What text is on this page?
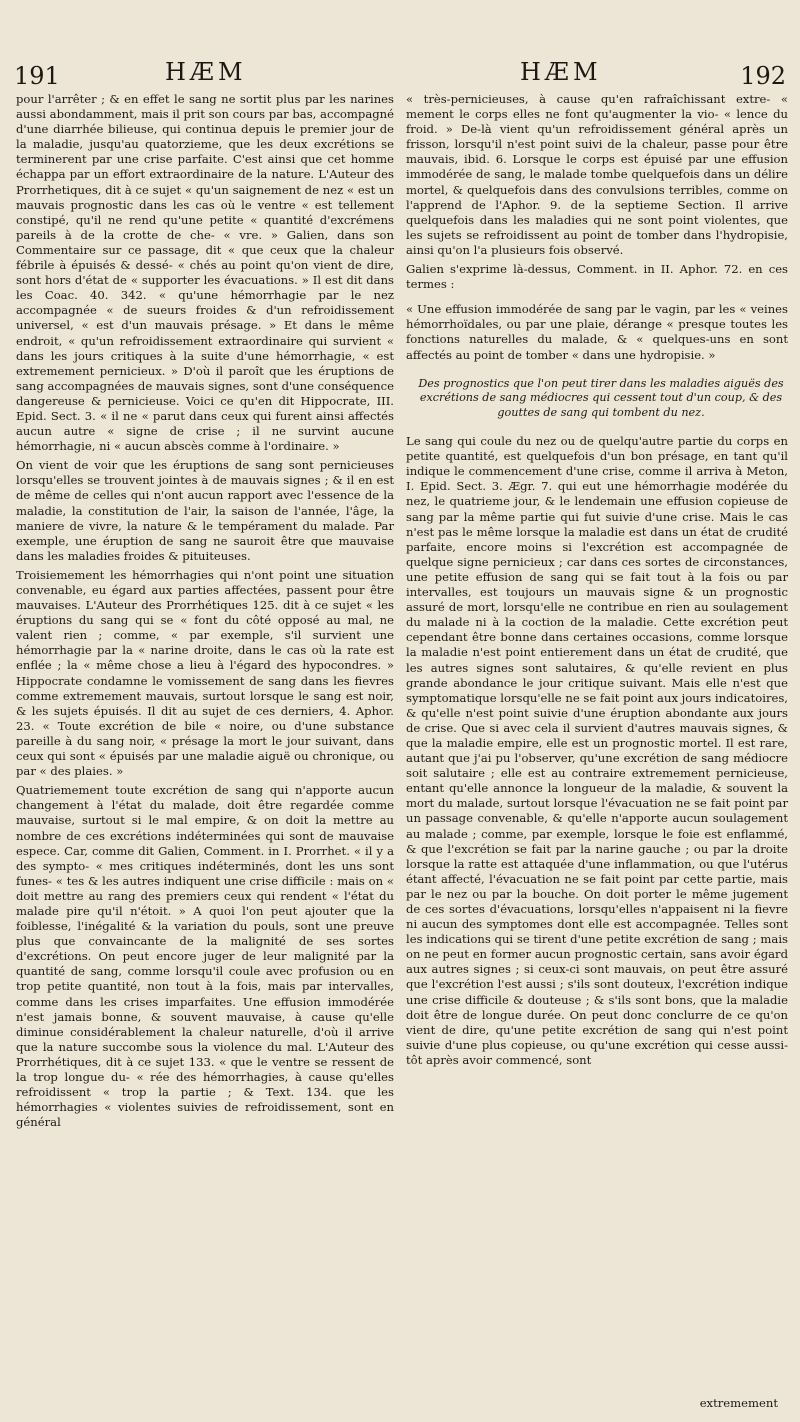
191	HÆM	HÆM	192

pour l'arrêter ; & en effet le sang ne sortit plus par les narines aussi abondamment, mais il prit son cours par bas, accompagné d'une diarrhée bilieuse, qui continua depuis le premier jour de la maladie, jusqu'au quatorzieme, que les deux excrétions se terminerent par une crise parfaite. C'est ainsi que cet homme échappa par un effort extraordinaire de la nature. L'Auteur des Prorrhetiques, dit à ce sujet « qu'un saignement de nez « est un mauvais prognostic dans les cas où le ventre « est tellement constipé, qu'il ne rend qu'une petite « quantité d'excrémens pareils à de la crotte de che- « vre. » Galien, dans son Commentaire sur ce passage, dit « que ceux que la chaleur fébrile à épuisés & dessé- « chés au point qu'on vient de dire, sont hors d'état de « supporter les évacuations. » Il est dit dans les Coac. 40. 342. « qu'une hémorrhagie par le nez accompagnée « de sueurs froides & d'un refroidissement universel, « est d'un mauvais présage. » Et dans le même endroit, « qu'un refroidissement extraordinaire qui survient « dans les jours critiques à la suite d'une hémorrhagie, « est extremement pernicieux. » D'où il paroît que les éruptions de sang accompagnées de mauvais signes, sont d'une conséquence dangereuse & pernicieuse. Voici ce qu'en dit Hippocrate, III. Epid. Sect. 3. « il ne « parut dans ceux qui furent ainsi affectés aucun autre « signe de crise ; il ne survint aucune hémorrhagie, ni « aucun abscès comme à l'ordinaire. »

On vient de voir que les éruptions de sang sont pernicieuses lorsqu'elles se trouvent jointes à de mauvais signes ; & il en est de même de celles qui n'ont aucun rapport avec l'essence de la maladie, la constitution de l'air, la saison de l'année, l'âge, la maniere de vivre, la nature & le tempérament du malade. Par exemple, une éruption de sang ne sauroit être que mauvaise dans les maladies froides & pituiteuses.

Troisiemement les hémorrhagies qui n'ont point une situation convenable, eu égard aux parties affectées, passent pour être mauvaises. L'Auteur des Prorrhétiques 125. dit à ce sujet « les éruptions du sang qui se « font du côté opposé au mal, ne valent rien ; comme, « par exemple, s'il survient une hémorrhagie par la « narine droite, dans le cas où la rate est enflée ; la « même chose a lieu à l'égard des hypocondres. » Hippocrate condamne le vomissement de sang dans les fievres comme extremement mauvais, surtout lorsque le sang est noir, & les sujets épuisés. Il dit au sujet de ces derniers, 4. Aphor. 23. « Toute excrétion de bile « noire, ou d'une substance pareille à du sang noir, « présage la mort le jour suivant, dans ceux qui sont « épuisés par une maladie aiguë ou chronique, ou par « des plaies. »

Quatriemement toute excrétion de sang qui n'apporte aucun changement à l'état du malade, doit être regardée comme mauvaise, surtout si le mal empire, & on doit la mettre au nombre de ces excrétions indéterminées qui sont de mauvaise espece. Car, comme dit Galien, Comment. in I. Prorrhet. « il y a des sympto- « mes critiques indéterminés, dont les uns sont funes- « tes & les autres indiquent une crise difficile : mais on « doit mettre au rang des premiers ceux qui rendent « l'état du malade pire qu'il n'étoit. » A quoi l'on peut ajouter que la foiblesse, l'inégalité & la variation du pouls, sont une preuve plus que convaincante de la malignité de ses sortes d'excrétions. On peut encore juger de leur malignité par la quantité de sang, comme lorsqu'il coule avec profusion ou en trop petite quantité, non tout à la fois, mais par intervalles, comme dans les crises imparfaites. Une effusion immodérée n'est jamais bonne, & souvent mauvaise, à cause qu'elle diminue considérablement la chaleur naturelle, d'où il arrive que la nature succombe sous la violence du mal. L'Auteur des Prorrhétiques, dit à ce sujet 133. « que le ventre se ressent de la trop longue du- « rée des hémorrhagies, à cause qu'elles refroidissent « trop la partie ; & Text. 134. que les hémorrhagies « violentes suivies de refroidissement, sont en général

« très-pernicieuses, à cause qu'en rafraîchissant extre- « mement le corps elles ne font qu'augmenter la vio- « lence du froid. » De-là vient qu'un refroidissement général après un frisson, lorsqu'il n'est point suivi de la chaleur, passe pour être mauvais, ibid. 6. Lorsque le corps est épuisé par une effusion immodérée de sang, le malade tombe quelquefois dans un délire mortel, & quelquefois dans des convulsions terribles, comme on l'apprend de l'Aphor. 9. de la septieme Section. Il arrive quelquefois dans les maladies qui ne sont point violentes, que les sujets se refroidissent au point de tomber dans l'hydropisie, ainsi qu'on l'a plusieurs fois observé.

Galien s'exprime là-dessus, Comment. in II. Aphor. 72. en ces termes :

« Une effusion immodérée de sang par le vagin, par les « veines hémorrhoïdales, ou par une plaie, dérange « presque toutes les fonctions naturelles du malade, & « quelques-uns en sont affectés au point de tomber « dans une hydropisie. »

Des prognostics que l'on peut tirer dans les maladies aiguës des excrétions de sang médiocres qui cessent tout d'un coup, & des gouttes de sang qui tombent du nez.

Le sang qui coule du nez ou de quelqu'autre partie du corps en petite quantité, est quelquefois d'un bon présage, en tant qu'il indique le commencement d'une crise, comme il arriva à Meton, I. Epid. Sect. 3. Ægr. 7. qui eut une hémorrhagie modérée du nez, le quatrieme jour, & le lendemain une effusion copieuse de sang par la même partie qui fut suivie d'une crise. Mais le cas n'est pas le même lorsque la maladie est dans un état de crudité parfaite, encore moins si l'excrétion est accompagnée de quelque signe pernicieux ; car dans ces sortes de circonstances, une petite effusion de sang qui se fait tout à la fois ou par intervalles, est toujours un mauvais signe & un prognostic assuré de mort, lorsqu'elle ne contribue en rien au soulagement du malade ni à la coction de la maladie. Cette excrétion peut cependant être bonne dans certaines occasions, comme lorsque la maladie n'est point entierement dans un état de crudité, que les autres signes sont salutaires, & qu'elle revient en plus grande abondance le jour critique suivant. Mais elle n'est que symptomatique lorsqu'elle ne se fait point aux jours indicatoires, & qu'elle n'est point suivie d'une éruption abondante aux jours de crise. Que si avec cela il survient d'autres mauvais signes, & que la maladie empire, elle est un prognostic mortel. Il est rare, autant que j'ai pu l'observer, qu'une excrétion de sang médiocre soit salutaire ; elle est au contraire extremement pernicieuse, entant qu'elle annonce la longueur de la maladie, & souvent la mort du malade, surtout lorsque l'évacuation ne se fait point par un passage convenable, & qu'elle n'apporte aucun soulagement au malade ; comme, par exemple, lorsque le foie est enflammé, & que l'excrétion se fait par la narine gauche ; ou par la droite lorsque la ratte est attaquée d'une inflammation, ou que l'utérus étant affecté, l'évacuation ne se fait point par cette partie, mais par le nez ou par la bouche. On doit porter le même jugement de ces sortes d'évacuations, lorsqu'elles n'appaisent ni la fievre ni aucun des symptomes dont elle est accompagnée. Telles sont les indications qui se tirent d'une petite excrétion de sang ; mais on ne peut en former aucun prognostic certain, sans avoir égard aux autres signes ; si ceux-ci sont mauvais, on peut être assuré que l'excrétion l'est aussi ; s'ils sont douteux, l'excrétion indique une crise difficile & douteuse ; & s'ils sont bons, que la maladie doit être de longue durée. On peut donc conclurre de ce qu'on vient de dire, qu'une petite excrétion de sang qui n'est point suivie d'une plus copieuse, ou qu'une excrétion qui cesse aussi-tôt après avoir commencé, sont

extremement
